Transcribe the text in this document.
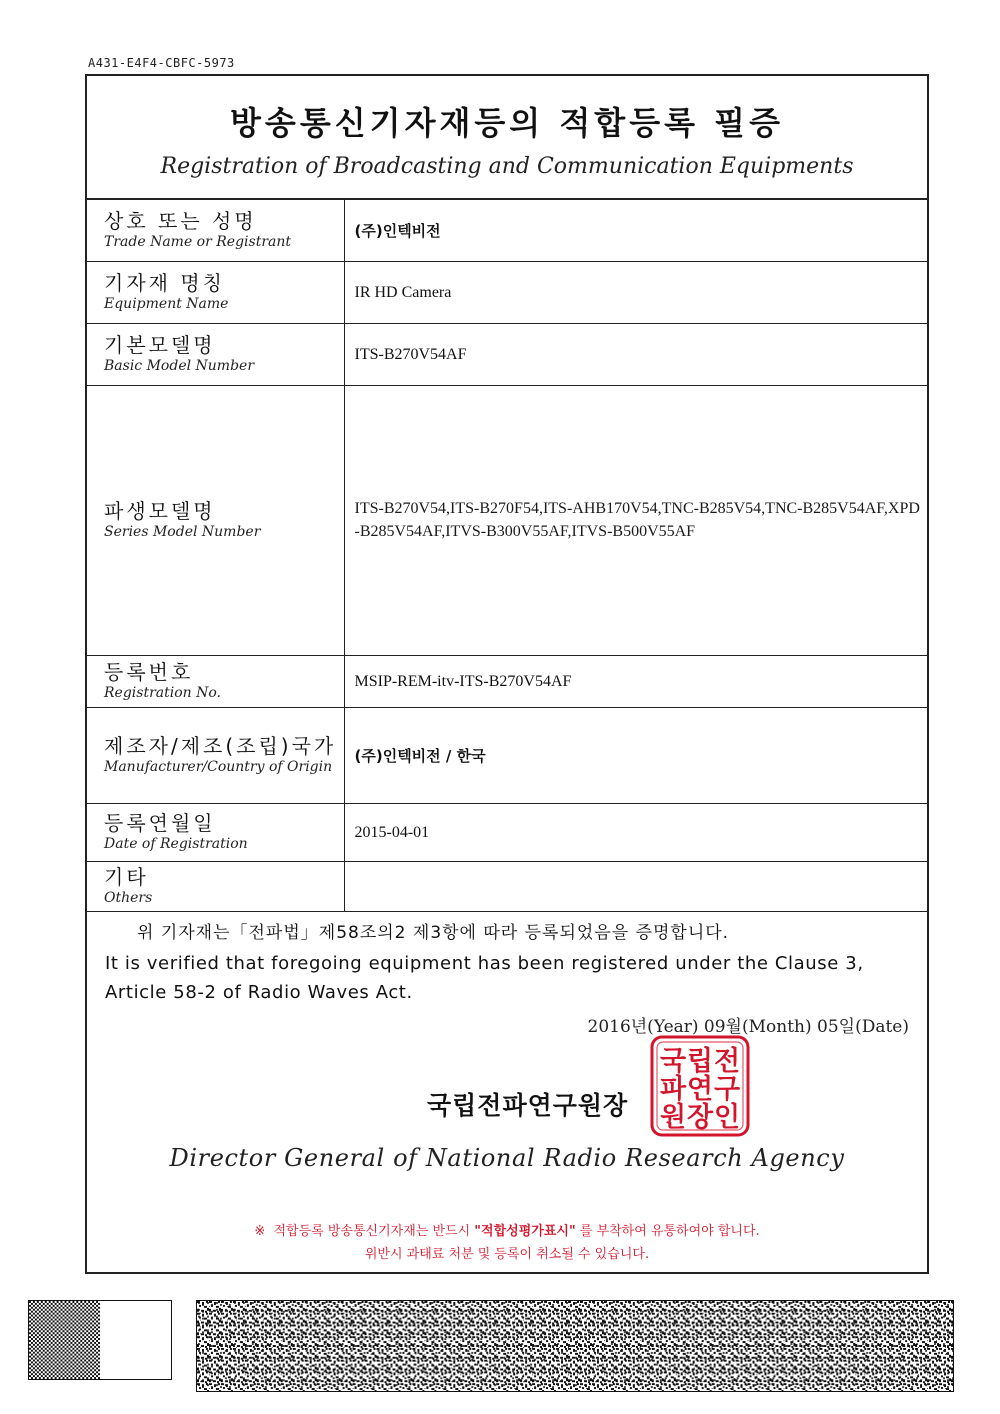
A431-E4F4-CBFC-5973
방송통신기자재등의 적합등록 필증
Registration of Broadcasting and Communication Equipments
상호 또는 성명
Trade Name or Registrant	(주)인텍비전

기자재 명칭
Equipment Name	IR HD Camera

기본모델명
Basic Model Number	ITS-B270V54AF

파생모델명
Series Model Number	ITS-B270V54,ITS-B270F54,ITS-AHB170V54,TNC-B285V54,TNC-B285V54AF,XPD-B285V54AF,ITVS-B300V55AF,ITVS-B500V55AF

등록번호
Registration No.	MSIP-REM-itv-ITS-B270V54AF

제조자/제조(조립)국가
Manufacturer/Country of Origin	(주)인텍비전 / 한국

등록연월일
Date of Registration	2015-04-01

기타
Others	

위 기자재는「전파법」제58조의2 제3항에 따라 등록되었음을 증명합니다.
It is verified that foregoing equipment has been registered under the Clause 3,
Article 58-2 of Radio Waves Act.
2016년(Year) 09월(Month) 05일(Date)
국립전파연구원장
국 립 전
파 연 구
원 장 인
Director General of National Radio Research Agency
※ 적합등록 방송통신기자재는 반드시 "적합성평가표시" 를 부착하여 유통하여야 합니다.
위반시 과태료 처분 및 등록이 취소될 수 있습니다.
